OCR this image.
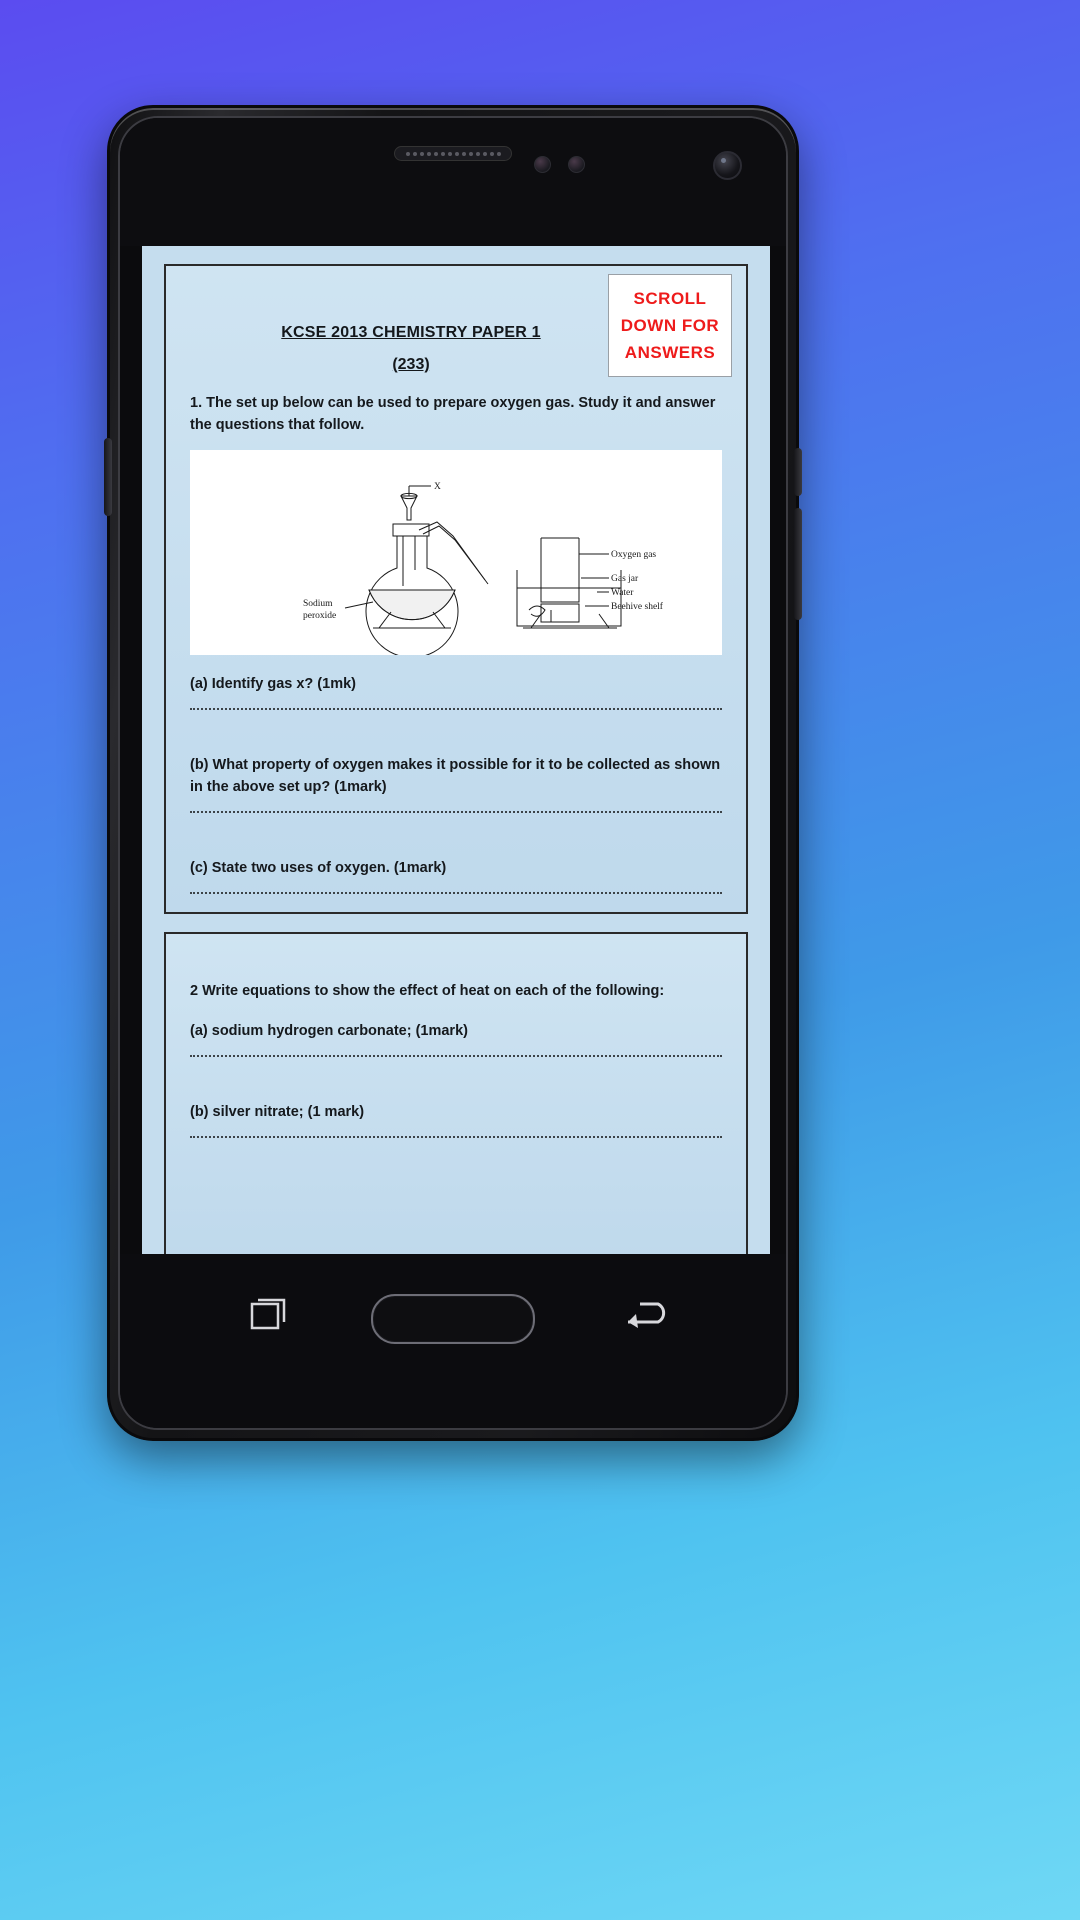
SCROLL
DOWN FOR
ANSWERS
KCSE 2013 CHEMISTRY PAPER 1
(233)
1. The set up below can be used to prepare oxygen gas. Study it and answer the questions that follow.
X
Oxygen gas
Gas jar
Water
Beehive shelf
Sodium
peroxide
(a) Identify gas x? (1mk)
(b) What property of oxygen makes it possible for it to be collected as shown in the above set up? (1mark)
(c) State two uses of oxygen. (1mark)
2 Write equations to show the effect of heat on each of the following:
(a) sodium hydrogen carbonate; (1mark)
(b) silver nitrate; (1 mark)
